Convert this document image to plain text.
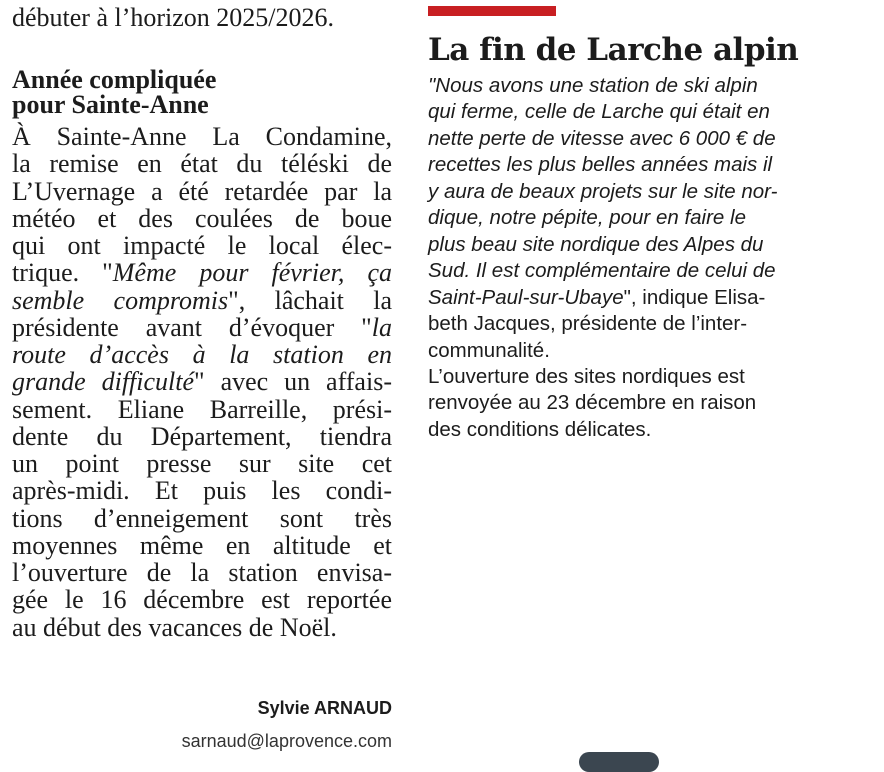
débuter à l’horizon 2025/2026.
Année compliquée
pour Sainte-Anne
À Sainte-Anne La Condamine,
la remise en état du téléski de
L’Uvernage a été retardée par la
météo et des coulées de boue
qui ont impacté le local élec-
trique. "Même pour février, ça
semble compromis", lâchait la
présidente avant d’évoquer "la
route d’accès à la station en
grande difficulté" avec un affais-
sement. Eliane Barreille, prési-
dente du Département, tiendra
un point presse sur site cet
après-midi. Et puis les condi-
tions d’enneigement sont très
moyennes même en altitude et
l’ouverture de la station envisa-
gée le 16 décembre est reportée
au début des vacances de Noël.
Sylvie ARNAUD
sarnaud@laprovence.com
La fin de Larche alpin
"Nous avons une station de ski alpin
qui ferme, celle de Larche qui était en
nette perte de vitesse avec 6 000 € de
recettes les plus belles années mais il
y aura de beaux projets sur le site nor-
dique, notre pépite, pour en faire le
plus beau site nordique des Alpes du
Sud. Il est complémentaire de celui de
Saint-Paul-sur-Ubaye", indique Elisa-
beth Jacques, présidente de l’inter-
communalité.
L’ouverture des sites nordiques est
renvoyée au 23 décembre en raison
des conditions délicates.
